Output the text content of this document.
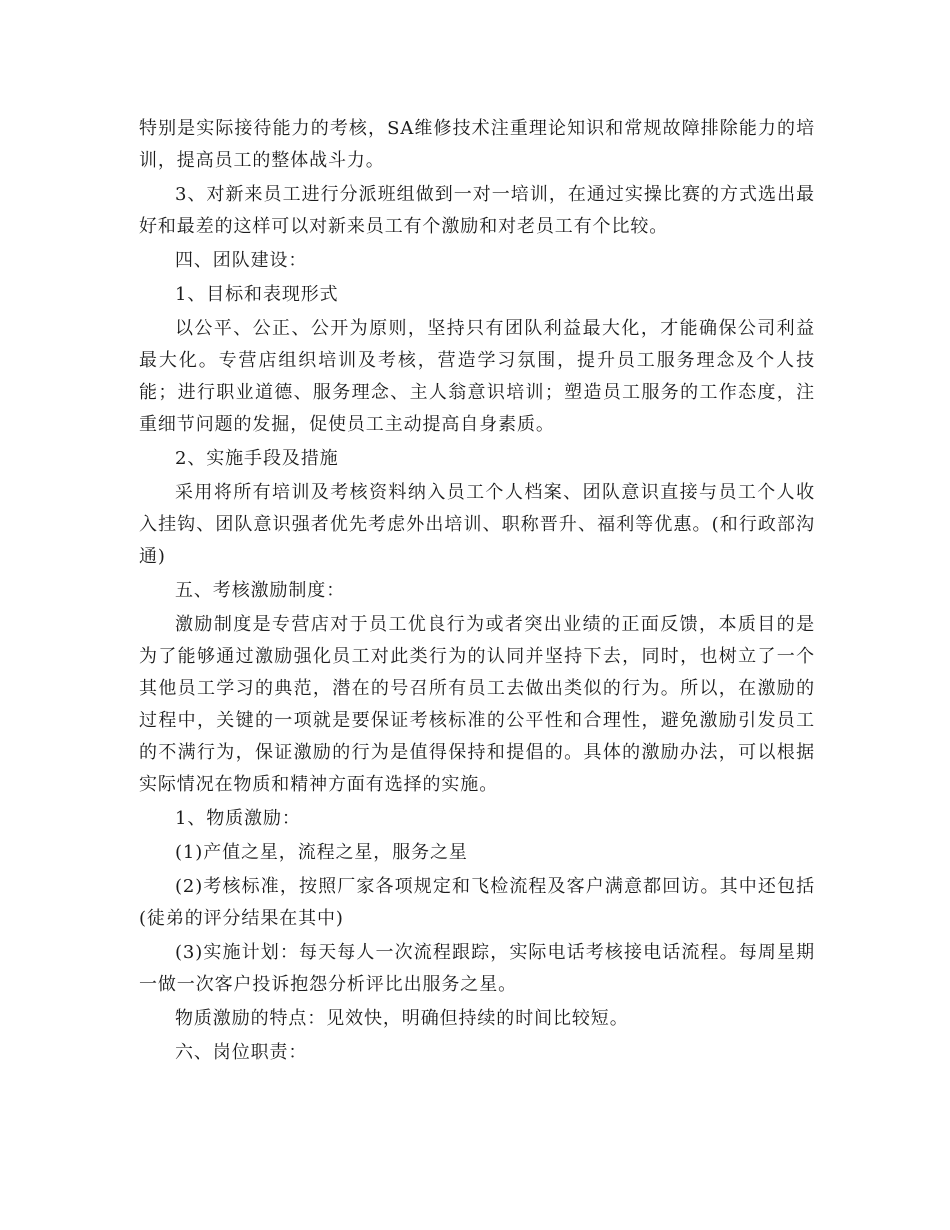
特别是实际接待能力的考核，SA维修技术注重理论知识和常规故障排除能力的培训，提高员工的整体战斗力。

3、对新来员工进行分派班组做到一对一培训，在通过实操比赛的方式选出最好和最差的这样可以对新来员工有个激励和对老员工有个比较。

四、团队建设：

1、目标和表现形式

以公平、公正、公开为原则，坚持只有团队利益最大化，才能确保公司利益最大化。专营店组织培训及考核，营造学习氛围，提升员工服务理念及个人技能；进行职业道德、服务理念、主人翁意识培训；塑造员工服务的工作态度，注重细节问题的发掘，促使员工主动提高自身素质。

2、实施手段及措施

采用将所有培训及考核资料纳入员工个人档案、团队意识直接与员工个人收入挂钩、团队意识强者优先考虑外出培训、职称晋升、福利等优惠。(和行政部沟通)

五、考核激励制度：

激励制度是专营店对于员工优良行为或者突出业绩的正面反馈，本质目的是为了能够通过激励强化员工对此类行为的认同并坚持下去，同时，也树立了一个其他员工学习的典范，潜在的号召所有员工去做出类似的行为。所以，在激励的过程中，关键的一项就是要保证考核标准的公平性和合理性，避免激励引发员工的不满行为，保证激励的行为是值得保持和提倡的。具体的激励办法，可以根据实际情况在物质和精神方面有选择的实施。

1、物质激励：

(1)产值之星，流程之星，服务之星

(2)考核标准，按照厂家各项规定和飞检流程及客户满意都回访。其中还包括(徒弟的评分结果在其中)

(3)实施计划：每天每人一次流程跟踪，实际电话考核接电话流程。每周星期一做一次客户投诉抱怨分析评比出服务之星。

物质激励的特点：见效快，明确但持续的时间比较短。

六、岗位职责：
